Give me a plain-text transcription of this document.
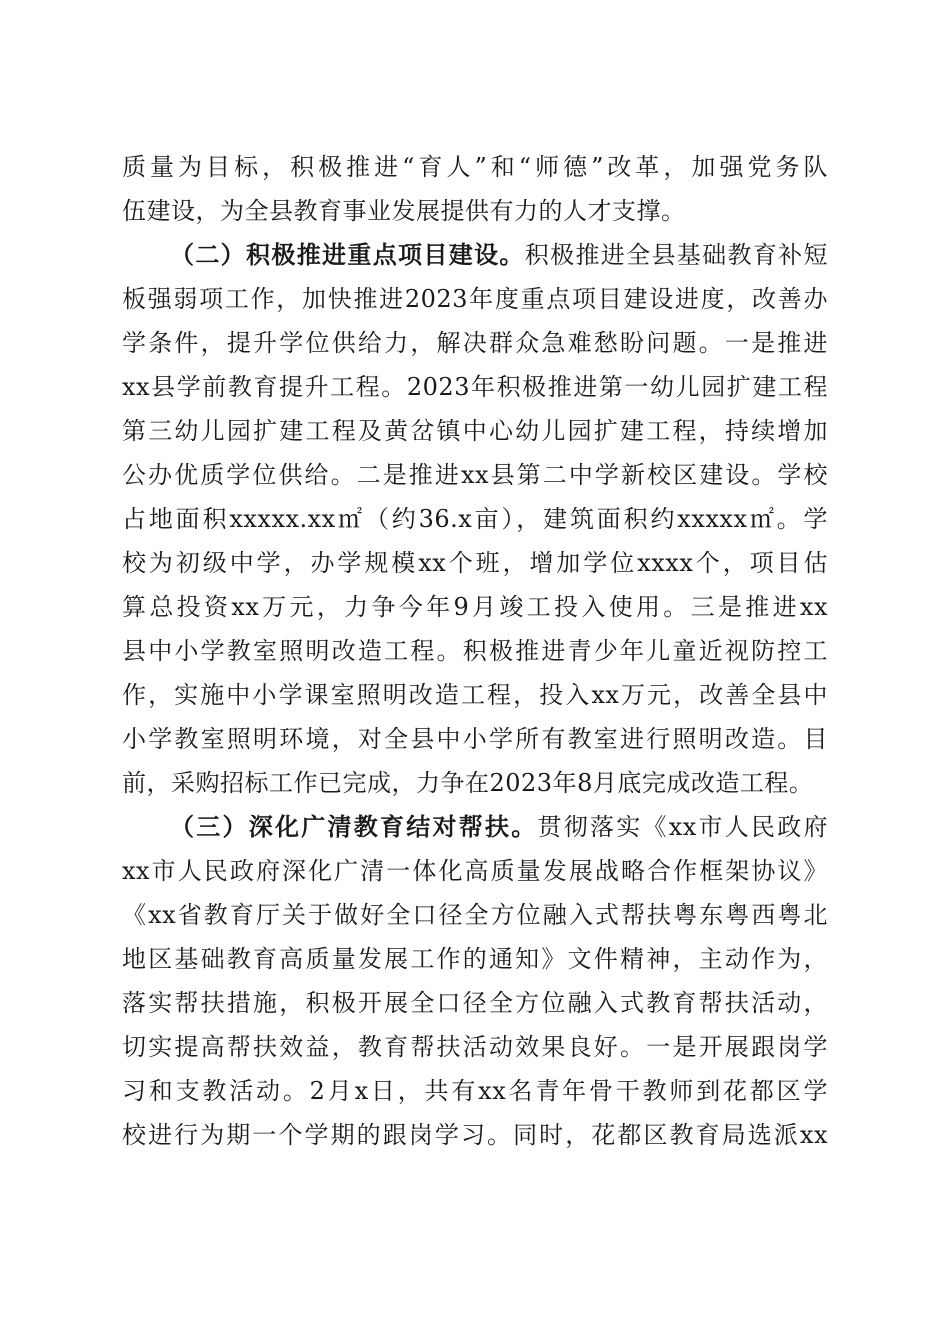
质量为目标，积极推进“育人”和“师德”改革，加强党务队
伍建设，为全县教育事业发展提供有力的人才支撑。
（二）积极推进重点项目建设。积极推进全县基础教育补短
板强弱项工作，加快推进2023年度重点项目建设进度，改善办
学条件，提升学位供给力，解决群众急难愁盼问题。一是推进
xx县学前教育提升工程。2023年积极推进第一幼儿园扩建工程
第三幼儿园扩建工程及黄岔镇中心幼儿园扩建工程，持续增加
公办优质学位供给。二是推进xx县第二中学新校区建设。学校
占地面积xxxxx.xx㎡（约36.x亩），建筑面积约xxxxx㎡。学
校为初级中学，办学规模xx个班，增加学位xxxx个，项目估
算总投资xx万元，力争今年9月竣工投入使用。三是推进xx
县中小学教室照明改造工程。积极推进青少年儿童近视防控工
作，实施中小学课室照明改造工程，投入xx万元，改善全县中
小学教室照明环境，对全县中小学所有教室进行照明改造。目
前，采购招标工作已完成，力争在2023年8月底完成改造工程。
（三）深化广清教育结对帮扶。贯彻落实《xx市人民政府
xx市人民政府深化广清一体化高质量发展战略合作框架协议》
《xx省教育厅关于做好全口径全方位融入式帮扶粤东粤西粤北
地区基础教育高质量发展工作的通知》文件精神，主动作为，
落实帮扶措施，积极开展全口径全方位融入式教育帮扶活动，
切实提高帮扶效益，教育帮扶活动效果良好。一是开展跟岗学
习和支教活动。2月x日，共有xx名青年骨干教师到花都区学
校进行为期一个学期的跟岗学习。同时，花都区教育局选派xx
